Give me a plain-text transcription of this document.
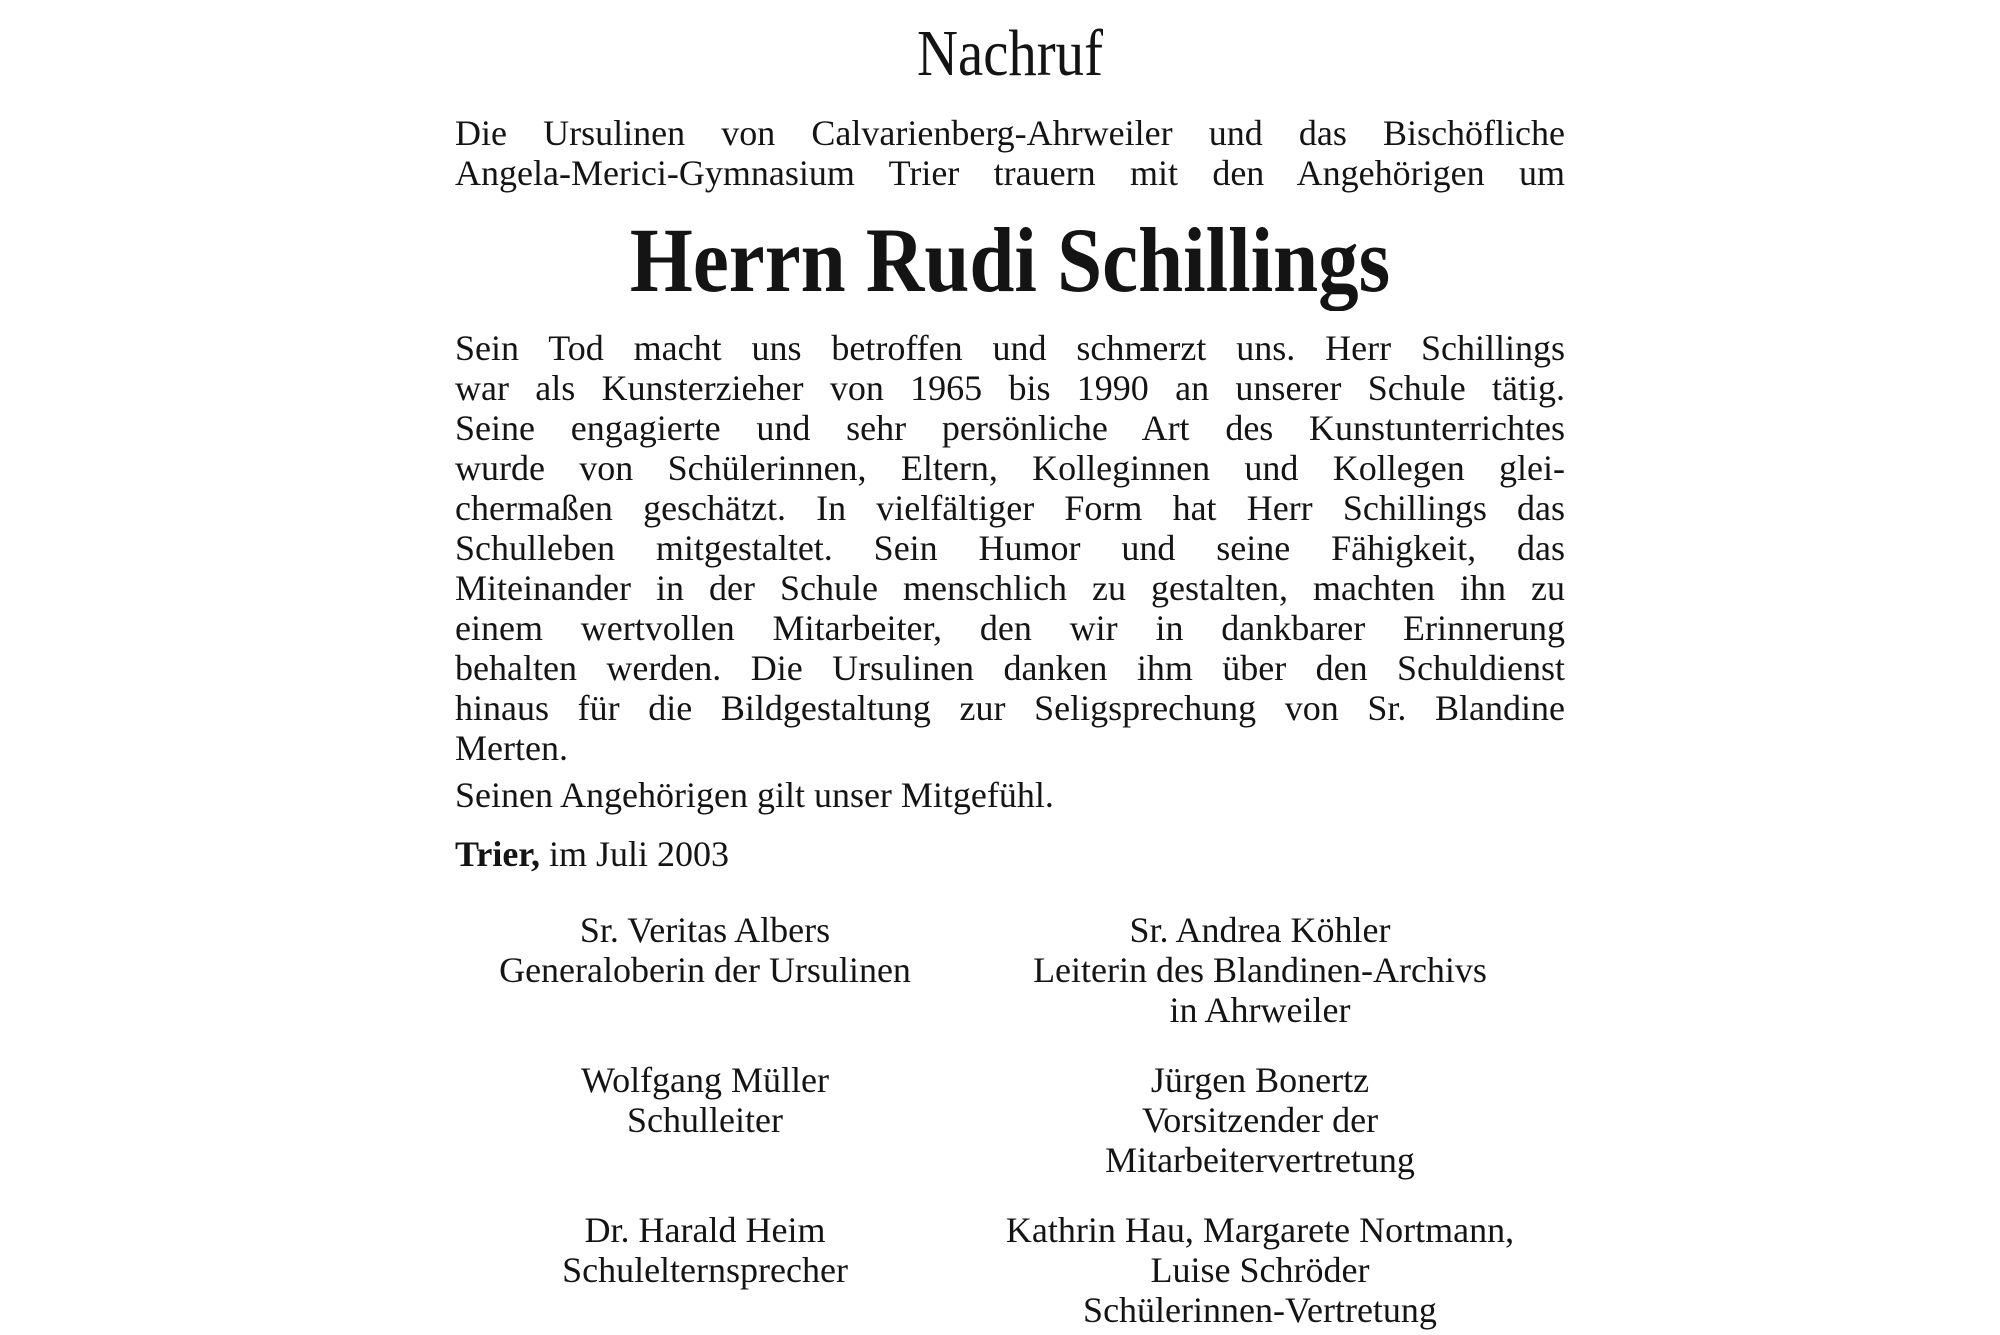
Nachruf

Die Ursulinen von Calvarienberg-Ahrweiler und das Bischöfliche
Angela-Merici-Gymnasium Trier trauern mit den Angehörigen um

Herrn Rudi Schillings

Sein Tod macht uns betroffen und schmerzt uns. Herr Schillings
war als Kunsterzieher von 1965 bis 1990 an unserer Schule tätig.
Seine engagierte und sehr persönliche Art des Kunstunterrichtes
wurde von Schülerinnen, Eltern, Kolleginnen und Kollegen glei-
chermaßen geschätzt. In vielfältiger Form hat Herr Schillings das
Schulleben mitgestaltet. Sein Humor und seine Fähigkeit, das
Miteinander in der Schule menschlich zu gestalten, machten ihn zu
einem wertvollen Mitarbeiter, den wir in dankbarer Erinnerung
behalten werden. Die Ursulinen danken ihm über den Schuldienst
hinaus für die Bildgestaltung zur Seligsprechung von Sr. Blandine
Merten.

Seinen Angehörigen gilt unser Mitgefühl.

Trier, im Juli 2003

Sr. Veritas Albers
Generaloberin der Ursulinen
Sr. Andrea Köhler
Leiterin des Blandinen-Archivs
in Ahrweiler
Wolfgang Müller
Schulleiter
Jürgen Bonertz
Vorsitzender der
Mitarbeitervertretung
Dr. Harald Heim
Schulelternsprecher
Kathrin Hau, Margarete Nortmann,
Luise Schröder
Schülerinnen-Vertretung
